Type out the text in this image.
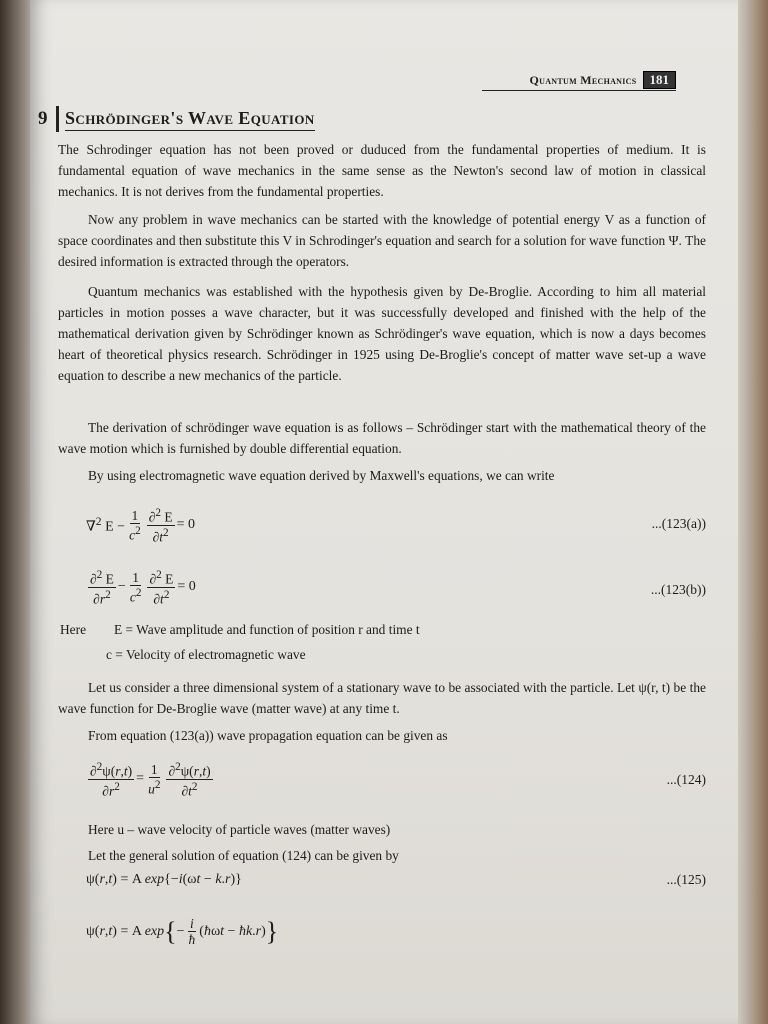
Quantum Mechanics	181
9 Schrödinger's Wave Equation

The Schrodinger equation has not been proved or duduced from the fundamental properties of medium. It is fundamental equation of wave mechanics in the same sense as the Newton's second law of motion in classical mechanics. It is not derives from the fundamental properties.

Now any problem in wave mechanics can be started with the knowledge of potential energy V as a function of space coordinates and then substitute this V in Schrodinger's equation and search for a solution for wave function Ψ. The desired information is extracted through the operators.

Quantum mechanics was established with the hypothesis given by De-Broglie. According to him all material particles in motion posses a wave character, but it was successfully developed and finished with the help of the mathematical derivation given by Schrödinger known as Schrödinger's wave equation, which is now a days becomes heart of theoretical physics research. Schrödinger in 1925 using De-Broglie's concept of matter wave set-up a wave equation to describe a new mechanics of the particle.

The derivation of schrödinger wave equation is as follows – Schrödinger start with the mathematical theory of the wave motion which is furnished by double differential equation.

By using electromagnetic wave equation derived by Maxwell's equations, we can write

∇$^2$ $E - \frac{1}{c^2} \frac{\partial^2 E}{\partial t^2} = 0$	...(123(a))
$\frac{\partial^2 E}{\partial r^2} - \frac{1}{c^2} \frac{\partial^2 E}{\partial t^2} = 0$	...(123(b))
Here E = Wave amplitude and function of position r and time t
c = Velocity of electromagnetic wave

Let us consider a three dimensional system of a stationary wave to be associated with the particle. Let ψ(r, t) be the wave function for De-Broglie wave (matter wave) at any time t.

From equation (123(a)) wave propagation equation can be given as

$\frac{\partial^2\psi(r,t)}{\partial r^2} = \frac{1}{u^2} \frac{\partial^2\psi(r,t)}{\partial t^2}$	...(124)

Here u – wave velocity of particle waves (matter waves)

Let the general solution of equation (124) can be given by

ψ(r,t) = A exp{−i(ωt − k.r)}	...(125)
ψ(r,t) = A exp { − $\frac{i}{ħ}$ (ħωt − ħk.r) }
